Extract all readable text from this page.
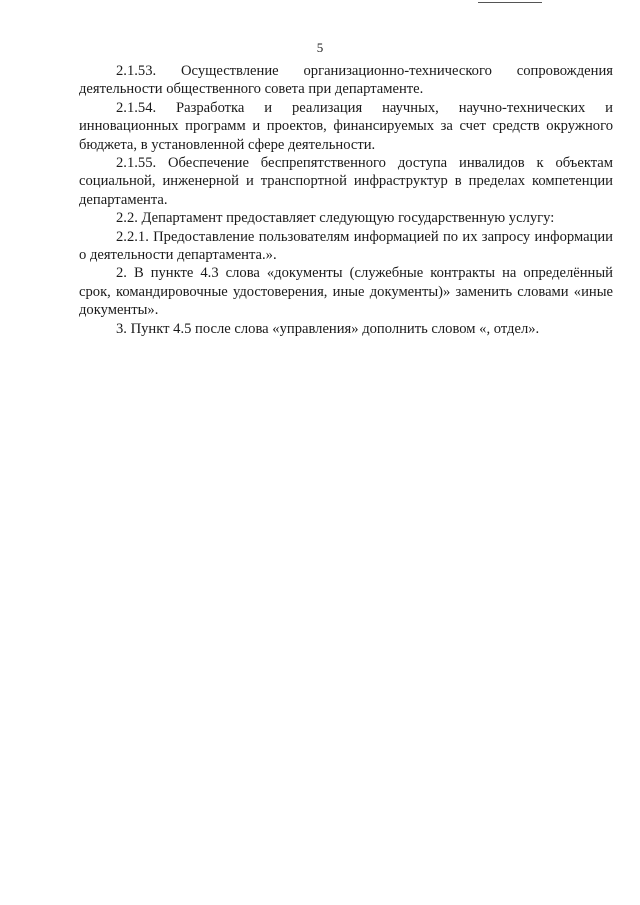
5

2.1.53. Осуществление организационно-технического сопровождения деятельности общественного совета при департаменте.

2.1.54. Разработка и реализация научных, научно-технических и инновационных программ и проектов, финансируемых за счет средств окружного бюджета, в установленной сфере деятельности.

2.1.55. Обеспечение беспрепятственного доступа инвалидов к объектам социальной, инженерной и транспортной инфраструктур в пределах компетенции департамента.

2.2. Департамент предоставляет следующую государственную услугу:

2.2.1. Предоставление пользователям информацией по их запросу информации о деятельности департамента.».

2. В пункте 4.3 слова «документы (служебные контракты на определённый срок, командировочные удостоверения, иные документы)» заменить словами «иные документы».

3. Пункт 4.5 после слова «управления» дополнить словом «, отдел».
